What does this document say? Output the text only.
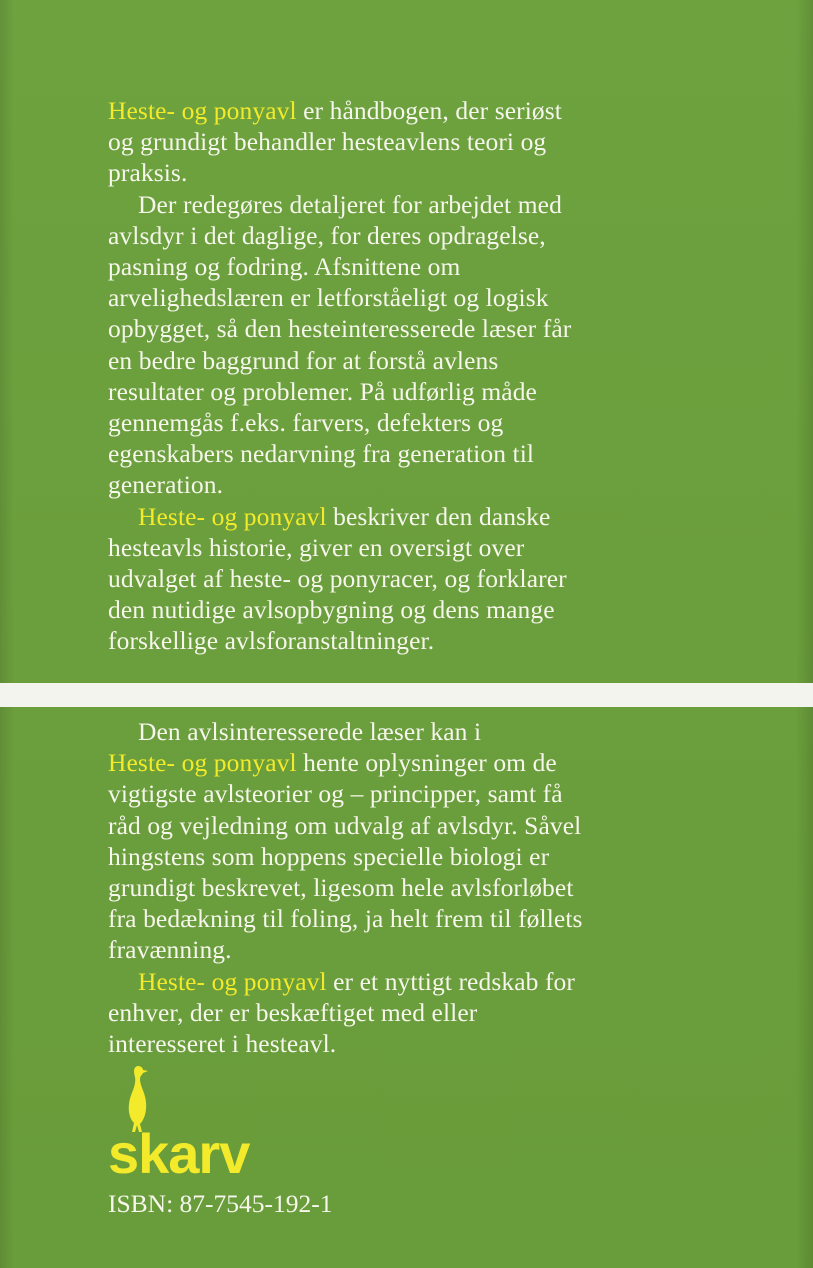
Heste- og ponyavl er håndbogen, der seriøst
og grundigt behandler hesteavlens teori og
praksis.

Der redegøres detaljeret for arbejdet med
avlsdyr i det daglige, for deres opdragelse,
pasning og fodring. Afsnittene om
arvelighedslæren er letforståeligt og logisk
opbygget, så den hesteinteresserede læser får
en bedre baggrund for at forstå avlens
resultater og problemer. På udførlig måde
gennemgås f.eks. farvers, defekters og
egenskabers nedarvning fra generation til
generation.

Heste- og ponyavl beskriver den danske
hesteavls historie, giver en oversigt over
udvalget af heste- og ponyracer, og forklarer
den nutidige avlsopbygning og dens mange
forskellige avlsforanstaltninger.

Den avlsinteresserede læser kan i
Heste- og ponyavl hente oplysninger om de
vigtigste avlsteorier og – principper, samt få
råd og vejledning om udvalg af avlsdyr. Såvel
hingstens som hoppens specielle biologi er
grundigt beskrevet, ligesom hele avlsforløbet
fra bedækning til foling, ja helt frem til føllets
fravænning.

Heste- og ponyavl er et nyttigt redskab for
enhver, der er beskæftiget med eller
interesseret i hesteavl.

skarv
ISBN: 87-7545-192-1
